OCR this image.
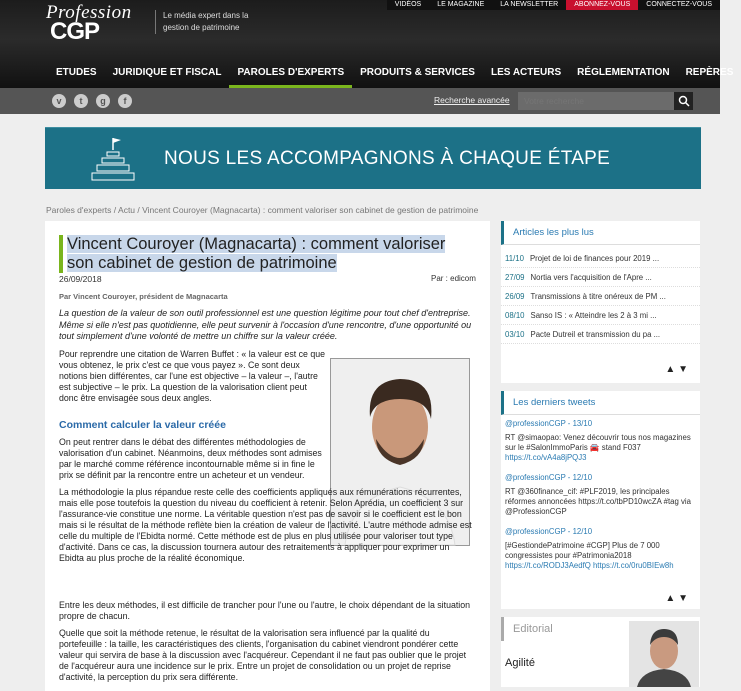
Profession
CGP
Le média expert dans la gestion de patrimoine
VIDÉOS	LE MAGAZINE	LA NEWSLETTER	ABONNEZ-VOUS	CONNECTEZ-VOUS
ETUDES	JURIDIQUE ET FISCAL	PAROLES D'EXPERTS	PRODUITS & SERVICES	LES ACTEURS	RÉGLEMENTATION	REPÈRES
v	t	g	f	Recherche avancée
Votre recherche
NOUS LES ACCOMPAGNONS À CHAQUE ÉTAPE
Paroles d'experts / Actu / Vincent Couroyer (Magnacarta) : comment valoriser son cabinet de gestion de patrimoine
Vincent Couroyer (Magnacarta) : comment valoriser son cabinet de gestion de patrimoine
26/09/2018	Par : edicom
Par Vincent Couroyer, président de Magnacarta
La question de la valeur de son outil professionnel est une question légitime pour tout chef d'entreprise. Même si elle n'est pas quotidienne, elle peut survenir à l'occasion d'une rencontre, d'une opportunité ou tout simplement d'une volonté de mettre un chiffre sur la valeur créée.
Pour reprendre une citation de Warren Buffet : « la valeur est ce que vous obtenez, le prix c'est ce que vous payez ». Ce sont deux notions bien différentes, car l'une est objective – la valeur –, l'autre est subjective – le prix. La question de la valorisation client peut donc être envisagée sous deux angles.
Comment calculer la valeur créée
On peut rentrer dans le débat des différentes méthodologies de valorisation d'un cabinet. Néanmoins, deux méthodes sont admises par le marché comme référence incontournable même si in fine le prix se définit par la rencontre entre un acheteur et un vendeur.
La méthodologie la plus répandue reste celle des coefficients appliqués aux rémunérations récurrentes, mais elle pose toutefois la question du niveau du coefficient à retenir. Selon Aprédia, un coefficient 3 sur l'assurance-vie constitue une norme. La véritable question n'est pas de savoir si le coefficient est le bon mais si le résultat de la méthode reflète bien la création de valeur de l'activité. L'autre méthode admise est celle du multiple de l'Ebidta normé. Cette méthode est de plus en plus utilisée pour valoriser tout type d'activité. Dans ce cas, la discussion tournera autour des retraitements à appliquer pour exprimer un Ebidta au plus proche de la réalité économique.
Entre les deux méthodes, il est difficile de trancher pour l'une ou l'autre, le choix dépendant de la situation propre de chacun.
Quelle que soit la méthode retenue, le résultat de la valorisation sera influencé par la qualité du portefeuille : la taille, les caractéristiques des clients, l'organisation du cabinet viendront pondérer cette valeur qui servira de base à la discussion avec l'acquéreur. Cependant il ne faut pas oublier que le projet de l'acquéreur aura une incidence sur le prix. Entre un projet de consolidation ou un projet de reprise d'activité, la perception du prix sera différente.
Articles les plus lus
11/10 Projet de loi de finances pour 2019 ...
27/09 Nortia vers l'acquisition de l'Apre ...
26/09 Transmissions à titre onéreux de PM ...
08/10 Sanso IS : « Atteindre les 2 à 3 mi ...
03/10 Pacte Dutreil et transmission du pa ...
▲ ▼
Les derniers tweets
@professionCGP - 13/10
RT @simaopao: Venez découvrir tous nos magazines sur le #SalonImmoParis 🚘 stand F037
https://t.co/vA4a8jPQJ3
@professionCGP - 12/10
RT @360finance_cif: #PLF2019, les principales réformes annoncées https://t.co/tbPD10wcZA #tag via @ProfessionCGP
@professionCGP - 12/10
[#GestiondePatrimoine #CGP] Plus de 7 000 congressistes pour #Patrimonia2018
https://t.co/RODJ3AedfQ https://t.co/0ru0BIEw8h
▲ ▼
Editorial
Agilité
